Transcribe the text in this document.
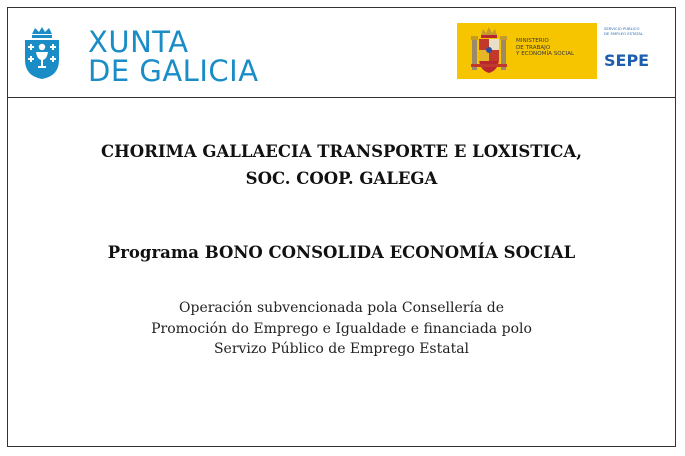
XUNTA
DE GALICIA
MINISTERIO
DE TRABAJO
Y ECONOMÍA SOCIAL
SERVICIO PÚBLICO
DE EMPLEO ESTATAL
SEPE
CHORIMA GALLAECIA TRANSPORTE E LOXISTICA,
SOC. COOP. GALEGA
Programa BONO CONSOLIDA ECONOMÍA SOCIAL
Operación subvencionada pola Consellería de
Promoción do Emprego e Igualdade e financiada polo
Servizo Público de Emprego Estatal
